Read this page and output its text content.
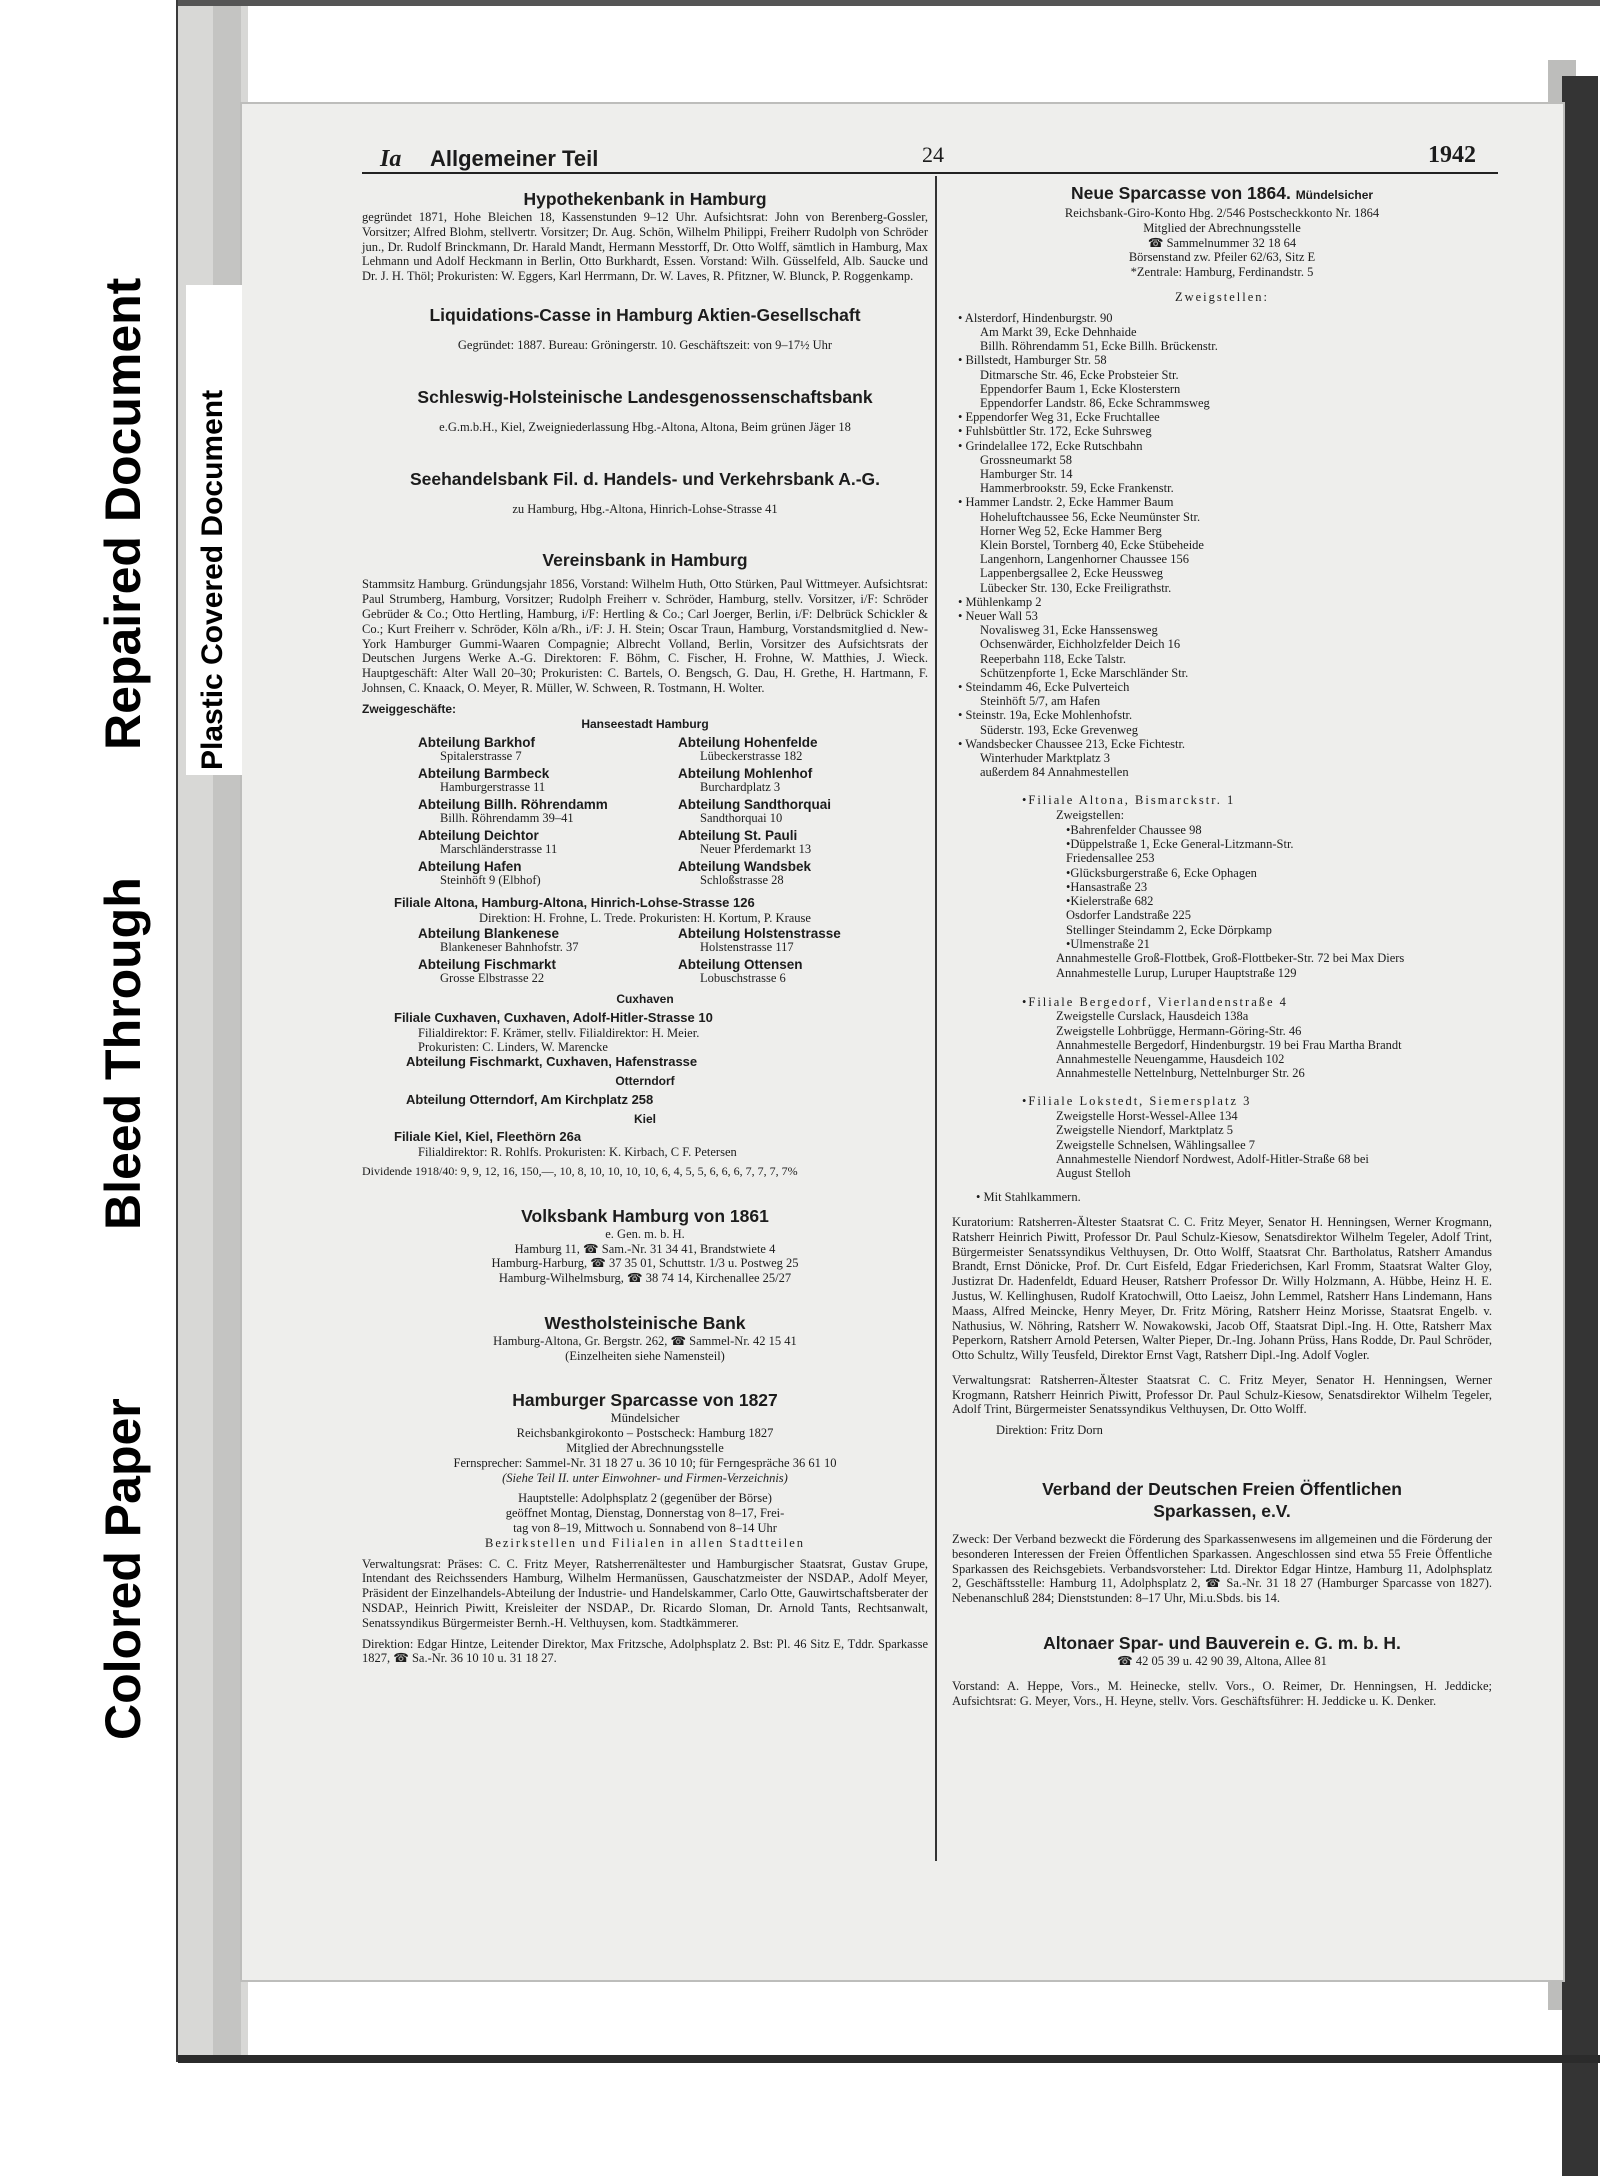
Bleed Through
Repaired Document Plastic Covered Document
Colored Paper
Ia Allgemeiner Teil	24	1942

Hypothekenbank in Hamburg

gegründet 1871, Hohe Bleichen 18, Kassenstunden 9–12 Uhr. Aufsichtsrat: John von Berenberg-Gossler, Vorsitzer; Alfred Blohm, stellvertr. Vorsitzer; Dr. Aug. Schön, Wilhelm Philippi, Freiherr Rudolph von Schröder jun., Dr. Rudolf Brinckmann, Dr. Harald Mandt, Hermann Messtorff, Dr. Otto Wolff, sämtlich in Hamburg, Max Lehmann und Adolf Heckmann in Berlin, Otto Burkhardt, Essen. Vorstand: Wilh. Güsselfeld, Alb. Saucke und Dr. J. H. Thöl; Prokuristen: W. Eggers, Karl Herrmann, Dr. W. Laves, R. Pfitzner, W. Blunck, P. Roggenkamp.

Liquidations-Casse in Hamburg Aktien-Gesellschaft

Gegründet: 1887. Bureau: Gröningerstr. 10. Geschäftszeit: von 9–17½ Uhr

Schleswig-Holsteinische Landesgenossenschaftsbank

e.G.m.b.H., Kiel, Zweigniederlassung Hbg.-Altona, Altona, Beim grünen Jäger 18

Seehandelsbank Fil. d. Handels- und Verkehrsbank A.-G.

zu Hamburg, Hbg.-Altona, Hinrich-Lohse-Strasse 41

Vereinsbank in Hamburg

Stammsitz Hamburg. Gründungsjahr 1856, Vorstand: Wilhelm Huth, Otto Stürken, Paul Wittmeyer. Aufsichtsrat: Paul Strumberg, Hamburg, Vorsitzer; Rudolph Freiherr v. Schröder, Hamburg, stellv. Vorsitzer, i/F: Schröder Gebrüder & Co.; Otto Hertling, Hamburg, i/F: Hertling & Co.; Carl Joerger, Berlin, i/F: Delbrück Schickler & Co.; Kurt Freiherr v. Schröder, Köln a/Rh., i/F: J. H. Stein; Oscar Traun, Hamburg, Vorstandsmitglied d. New-York Hamburger Gummi-Waaren Compagnie; Albrecht Volland, Berlin, Vorsitzer des Aufsichtsrats der Deutschen Jurgens Werke A.-G. Direktoren: F. Böhm, C. Fischer, H. Frohne, W. Matthies, J. Wieck. Hauptgeschäft: Alter Wall 20–30; Prokuristen: C. Bartels, O. Bengsch, G. Dau, H. Grethe, H. Hartmann, F. Johnsen, C. Knaack, O. Meyer, R. Müller, W. Schween, R. Tostmann, H. Wolter.

Zweiggeschäfte:
Hanseestadt Hamburg
Abteilung Barkhof
Spitalerstrasse 7
Abteilung Hohenfelde
Lübeckerstrasse 182
Abteilung Barmbeck
Hamburgerstrasse 11
Abteilung Mohlenhof
Burchardplatz 3
Abteilung Billh. Röhrendamm
Billh. Röhrendamm 39–41
Abteilung Sandthorquai
Sandthorquai 10
Abteilung Deichtor
Marschländerstrasse 11
Abteilung St. Pauli
Neuer Pferdemarkt 13
Abteilung Hafen
Steinhöft 9 (Elbhof)
Abteilung Wandsbek
Schloßstrasse 28
Filiale Altona, Hamburg-Altona, Hinrich-Lohse-Strasse 126
Direktion: H. Frohne, L. Trede. Prokuristen: H. Kortum, P. Krause
Abteilung Blankenese
Blankeneser Bahnhofstr. 37
Abteilung Holstenstrasse
Holstenstrasse 117
Abteilung Fischmarkt
Grosse Elbstrasse 22
Abteilung Ottensen
Lobuschstrasse 6
Cuxhaven
Filiale Cuxhaven, Cuxhaven, Adolf-Hitler-Strasse 10
Filialdirektor: F. Krämer, stellv. Filialdirektor: H. Meier.
Prokuristen: C. Linders, W. Marencke
Abteilung Fischmarkt, Cuxhaven, Hafenstrasse
Otterndorf
Abteilung Otterndorf, Am Kirchplatz 258
Kiel
Filiale Kiel, Kiel, Fleethörn 26a
Filialdirektor: R. Rohlfs. Prokuristen: K. Kirbach, C F. Petersen
Dividende 1918/40: 9, 9, 12, 16, 150,—, 10, 8, 10, 10, 10, 10, 6, 4, 5, 5, 6, 6, 6, 7, 7, 7, 7%

Volksbank Hamburg von 1861

e. Gen. m. b. H.
Hamburg 11, ☎ Sam.-Nr. 31 34 41, Brandstwiete 4
Hamburg-Harburg, ☎ 37 35 01, Schuttstr. 1/3 u. Postweg 25
Hamburg-Wilhelmsburg, ☎ 38 74 14, Kirchenallee 25/27

Westholsteinische Bank

Hamburg-Altona, Gr. Bergstr. 262, ☎ Sammel-Nr. 42 15 41
(Einzelheiten siehe Namensteil)

Hamburger Sparcasse von 1827

Mündelsicher
Reichsbankgirokonto – Postscheck: Hamburg 1827
Mitglied der Abrechnungsstelle
Fernsprecher: Sammel-Nr. 31 18 27 u. 36 10 10; für Ferngespräche 36 61 10
(Siehe Teil II. unter Einwohner- und Firmen-Verzeichnis)
Hauptstelle: Adolphsplatz 2 (gegenüber der Börse)
geöffnet Montag, Dienstag, Donnerstag von 8–17, Frei-
tag von 8–19, Mittwoch u. Sonnabend von 8–14 Uhr
Bezirkstellen und Filialen in allen Stadtteilen

Verwaltungsrat: Präses: C. C. Fritz Meyer, Ratsherrenältester und Hamburgischer Staatsrat, Gustav Grupe, Intendant des Reichssenders Hamburg, Wilhelm Hermanüssen, Gauschatzmeister der NSDAP., Adolf Meyer, Präsident der Einzelhandels-Abteilung der Industrie- und Handelskammer, Carlo Otte, Gauwirtschaftsberater der NSDAP., Heinrich Piwitt, Kreisleiter der NSDAP., Dr. Ricardo Sloman, Dr. Arnold Tants, Rechtsanwalt, Senatssyndikus Bürgermeister Bernh.-H. Velthuysen, kom. Stadtkämmerer.

Direktion: Edgar Hintze, Leitender Direktor, Max Fritzsche, Adolphsplatz 2. Bst: Pl. 46 Sitz E, Tddr. Sparkasse 1827, ☎ Sa.-Nr. 36 10 10 u. 31 18 27.

Neue Sparcasse von 1864. Mündelsicher

Reichsbank-Giro-Konto Hbg. 2/546 Postscheckkonto Nr. 1864
Mitglied der Abrechnungsstelle
☎ Sammelnummer 32 18 64
Börsenstand zw. Pfeiler 62/63, Sitz E
*Zentrale: Hamburg, Ferdinandstr. 5
Zweigstellen:
• Alsterdorf, Hindenburgstr. 90
Am Markt 39, Ecke Dehnhaide
Billh. Röhrendamm 51, Ecke Billh. Brückenstr.
• Billstedt, Hamburger Str. 58
Ditmarsche Str. 46, Ecke Probsteier Str.
Eppendorfer Baum 1, Ecke Klosterstern
Eppendorfer Landstr. 86, Ecke Schrammsweg
• Eppendorfer Weg 31, Ecke Fruchtallee
• Fuhlsbüttler Str. 172, Ecke Suhrsweg
• Grindelallee 172, Ecke Rutschbahn
Grossneumarkt 58
Hamburger Str. 14
Hammerbrookstr. 59, Ecke Frankenstr.
• Hammer Landstr. 2, Ecke Hammer Baum
Hoheluftchaussee 56, Ecke Neumünster Str.
Horner Weg 52, Ecke Hammer Berg
Klein Borstel, Tornberg 40, Ecke Stübeheide
Langenhorn, Langenhorner Chaussee 156
Lappenbergsallee 2, Ecke Heussweg
Lübecker Str. 130, Ecke Freiligrathstr.
• Mühlenkamp 2
• Neuer Wall 53
Novalisweg 31, Ecke Hanssensweg
Ochsenwärder, Eichholzfelder Deich 16
Reeperbahn 118, Ecke Talstr.
Schützenpforte 1, Ecke Marschländer Str.
• Steindamm 46, Ecke Pulverteich
Steinhöft 5/7, am Hafen
• Steinstr. 19a, Ecke Mohlenhofstr.
Süderstr. 193, Ecke Grevenweg
• Wandsbecker Chaussee 213, Ecke Fichtestr.
Winterhuder Marktplatz 3
außerdem 84 Annahmestellen
•Filiale Altona, Bismarckstr. 1
Zweigstellen:
•Bahrenfelder Chaussee 98
•Düppelstraße 1, Ecke General-Litzmann-Str.
Friedensallee 253
•Glücksburgerstraße 6, Ecke Ophagen
•Hansastraße 23
•Kielerstraße 682
Osdorfer Landstraße 225
Stellinger Steindamm 2, Ecke Dörpkamp
•Ulmenstraße 21
Annahmestelle Groß-Flottbek, Groß-Flottbeker-Str. 72 bei Max Diers
Annahmestelle Lurup, Luruper Hauptstraße 129
•Filiale Bergedorf, Vierlandenstraße 4
Zweigstelle Curslack, Hausdeich 138a
Zweigstelle Lohbrügge, Hermann-Göring-Str. 46
Annahmestelle Bergedorf, Hindenburgstr. 19 bei Frau Martha Brandt
Annahmestelle Neuengamme, Hausdeich 102
Annahmestelle Nettelnburg, Nettelnburger Str. 26
•Filiale Lokstedt, Siemersplatz 3
Zweigstelle Horst-Wessel-Allee 134
Zweigstelle Niendorf, Marktplatz 5
Zweigstelle Schnelsen, Wählingsallee 7
Annahmestelle Niendorf Nordwest, Adolf-Hitler-Straße 68 bei
August Stelloh
• Mit Stahlkammern.

Kuratorium: Ratsherren-Ältester Staatsrat C. C. Fritz Meyer, Senator H. Henningsen, Werner Krogmann, Ratsherr Heinrich Piwitt, Professor Dr. Paul Schulz-Kiesow, Senatsdirektor Wilhelm Tegeler, Adolf Trint, Bürgermeister Senatssyndikus Velthuysen, Dr. Otto Wolff, Staatsrat Chr. Bartholatus, Ratsherr Amandus Brandt, Ernst Dönicke, Prof. Dr. Curt Eisfeld, Edgar Friederichsen, Karl Fromm, Staatsrat Walter Gloy, Justizrat Dr. Hadenfeldt, Eduard Heuser, Ratsherr Professor Dr. Willy Holzmann, A. Hübbe, Heinz H. E. Justus, W. Kellinghusen, Rudolf Kratochwill, Otto Laeisz, John Lemmel, Ratsherr Hans Lindemann, Hans Maass, Alfred Meincke, Henry Meyer, Dr. Fritz Möring, Ratsherr Heinz Morisse, Staatsrat Engelb. v. Nathusius, W. Nöhring, Ratsherr W. Nowakowski, Jacob Off, Staatsrat Dipl.-Ing. H. Otte, Ratsherr Max Peperkorn, Ratsherr Arnold Petersen, Walter Pieper, Dr.-Ing. Johann Prüss, Hans Rodde, Dr. Paul Schröder, Otto Schultz, Willy Teusfeld, Direktor Ernst Vagt, Ratsherr Dipl.-Ing. Adolf Vogler.

Verwaltungsrat: Ratsherren-Ältester Staatsrat C. C. Fritz Meyer, Senator H. Henningsen, Werner Krogmann, Ratsherr Heinrich Piwitt, Professor Dr. Paul Schulz-Kiesow, Senatsdirektor Wilhelm Tegeler, Adolf Trint, Bürgermeister Senatssyndikus Velthuysen, Dr. Otto Wolff.

Direktion: Fritz Dorn

Verband der Deutschen Freien Öffentlichen

Sparkassen, e.V.

Zweck: Der Verband bezweckt die Förderung des Sparkassenwesens im allgemeinen und die Förderung der besonderen Interessen der Freien Öffentlichen Sparkassen. Angeschlossen sind etwa 55 Freie Öffentliche Sparkassen des Reichsgebiets. Verbandsvorsteher: Ltd. Direktor Edgar Hintze, Hamburg 11, Adolphsplatz 2, Geschäftsstelle: Hamburg 11, Adolphsplatz 2, ☎ Sa.-Nr. 31 18 27 (Hamburger Sparcasse von 1827). Nebenanschluß 284; Dienststunden: 8–17 Uhr, Mi.u.Sbds. bis 14.

Altonaer Spar- und Bauverein e. G. m. b. H.

☎ 42 05 39 u. 42 90 39, Altona, Allee 81

Vorstand: A. Heppe, Vors., M. Heinecke, stellv. Vors., O. Reimer, Dr. Henningsen, H. Jeddicke; Aufsichtsrat: G. Meyer, Vors., H. Heyne, stellv. Vors. Geschäftsführer: H. Jeddicke u. K. Denker.
